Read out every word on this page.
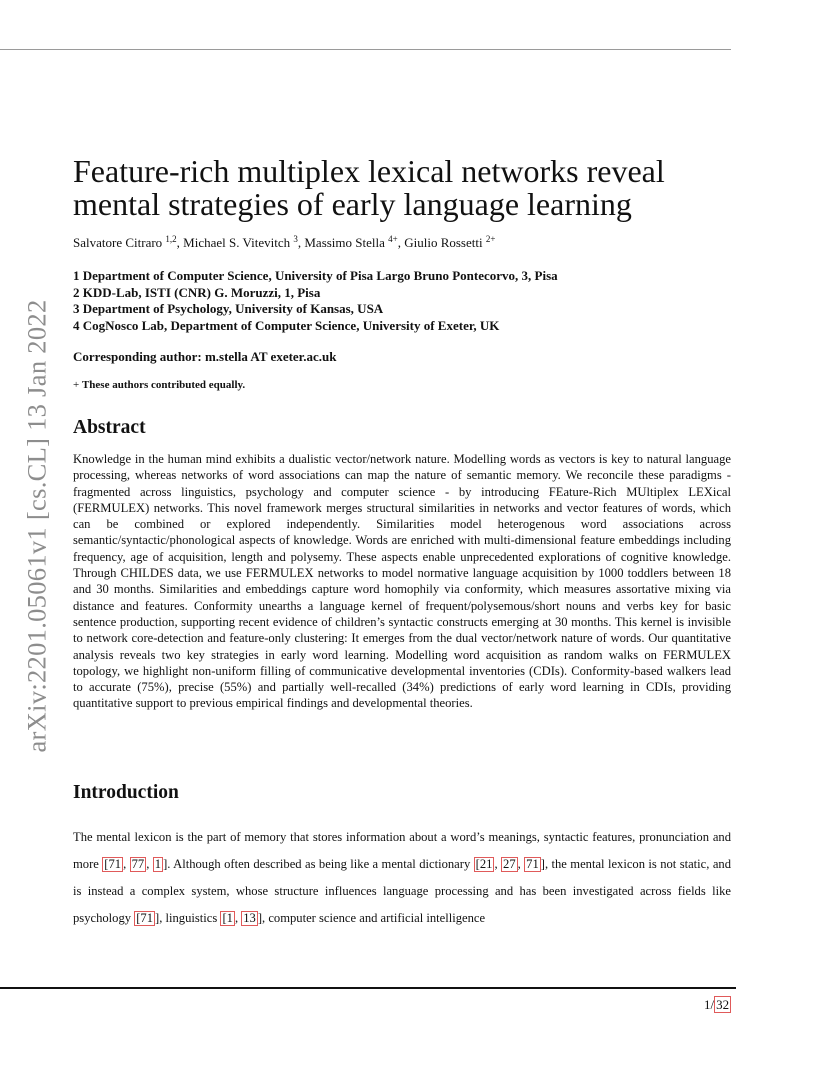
arXiv:2201.05061v1 [cs.CL] 13 Jan 2022
Feature-rich multiplex lexical networks reveal
mental strategies of early language learning
Salvatore Citraro $^{1,2}$, Michael S. Vitevitch $^3$, Massimo Stella $^{4+}$, Giulio Rossetti $^{2+}$
1 Department of Computer Science, University of Pisa Largo Bruno Pontecorvo, 3, Pisa
2 KDD-Lab, ISTI (CNR) G. Moruzzi, 1, Pisa
3 Department of Psychology, University of Kansas, USA
4 CogNosco Lab, Department of Computer Science, University of Exeter, UK
Corresponding author: m.stella AT exeter.ac.uk
+ These authors contributed equally.
Abstract

Knowledge in the human mind exhibits a dualistic vector/network nature. Modelling words as vectors is key to natural language processing, whereas networks of word associations can map the nature of semantic memory. We reconcile these paradigms - fragmented across linguistics, psychology and computer science - by introducing FEature-Rich MUltiplex LEXical (FERMULEX) networks. This novel framework merges structural similarities in networks and vector features of words, which can be combined or explored independently. Similarities model heterogenous word associations across semantic/syntactic/phonological aspects of knowledge. Words are enriched with multi-dimensional feature embeddings including frequency, age of acquisition, length and polysemy. These aspects enable unprecedented explorations of cognitive knowledge. Through CHILDES data, we use FERMULEX networks to model normative language acquisition by 1000 toddlers between 18 and 30 months. Similarities and embeddings capture word homophily via conformity, which measures assortative mixing via distance and features. Conformity unearths a language kernel of frequent/polysemous/short nouns and verbs key for basic sentence production, supporting recent evidence of children’s syntactic constructs emerging at 30 months. This kernel is invisible to network core-detection and feature-only clustering: It emerges from the dual vector/network nature of words. Our quantitative analysis reveals two key strategies in early word learning. Modelling word acquisition as random walks on FERMULEX topology, we highlight non-uniform filling of communicative developmental inventories (CDIs). Conformity-based walkers lead to accurate (75%), precise (55%) and partially well-recalled (34%) predictions of early word learning in CDIs, providing quantitative support to previous empirical findings and developmental theories.

Introduction

The mental lexicon is the part of memory that stores information about a word’s meanings, syntactic features, pronunciation and more [71 , 77 , 1 ]. Although often described as being like a mental dictionary [21 , 27 , 71 ], the mental lexicon is not static, and is instead a complex system, whose structure influences language processing and has been investigated across fields like psychology [71 ], linguistics [1 , 13 ], computer science and artificial intelligence

1/ 32
